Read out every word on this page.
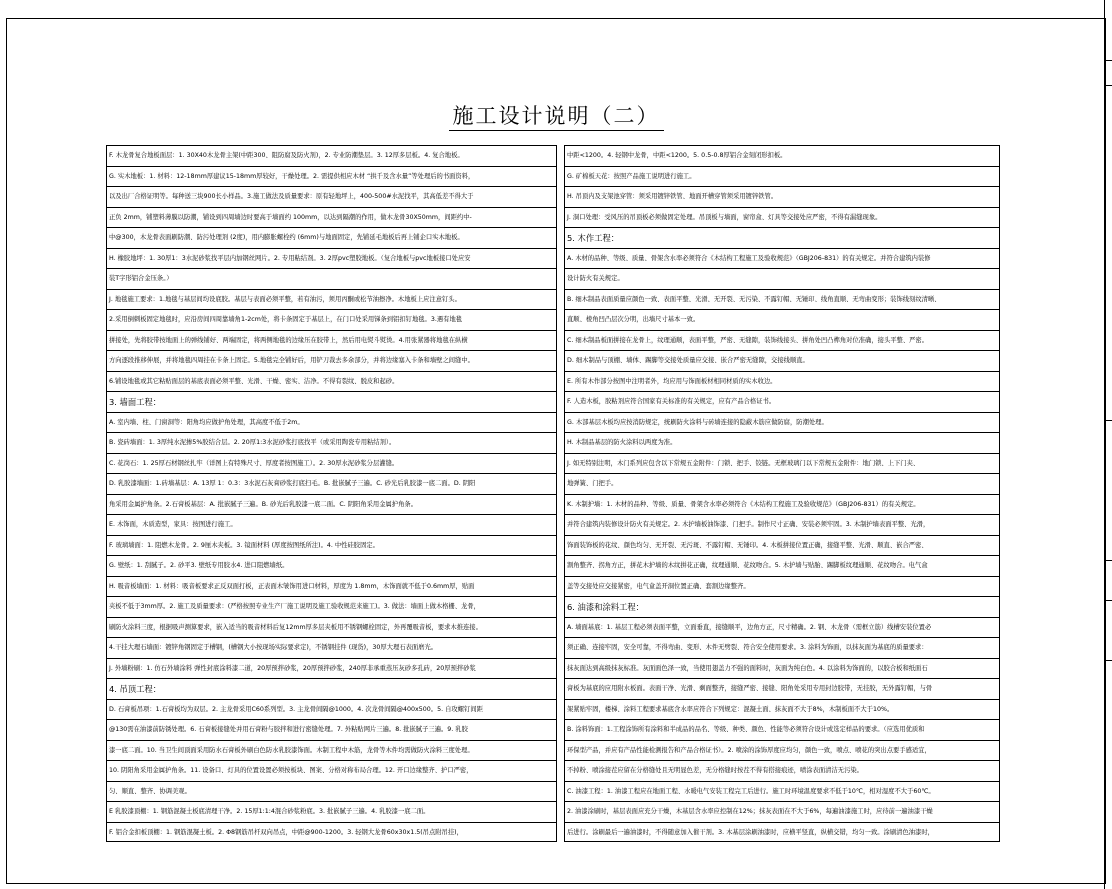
施工设计说明（二）
F. 木龙骨复合地板面层：1. 30X40木龙骨主架(中距300、阻防腐及防火剂)，2. 专业防潮垫层。3. 12厚多层板。4. 复合地板。
G. 实木地板：1. 材料：12-18mm厚建议15-18mm厚较好，干燥处理。2. 需提供相应木材 “拱千及含水量”等处理后的书面资料，
以及出厂合格证明等。每种送三块900长小样品。3.施工做法及质量要求：原有轻地坪上，400-500#水泥找平，其高低差不得大于
正负 2mm，铺塑料薄膜以防潮，铺设到四周墙边时要高于墙面约 100mm，以达到隔潮的作用，做木龙骨30X50mm，间距约中-
中@300，木龙骨表面刷防潮、防污处理剂 (2度)，用内膨胀螺栓约 (6mm)与地面固定，先铺延毛地板后再上铺企口实木地板。
H. 橡胶地坪：1. 30厚1：3水泥砂浆找平层内加钢丝网片。2. 专用粘结剂。3. 2厚pvc塑胶地板。（复合地板与pvc地板接口处应安
装T字形铝合金压条。）
J. 地毯施工要求：1.地毯与基层间均设底胶。基层与表面必须平整，若有油污，须用丙酮或松节油擦净。木地板上应注意钉头。
2.采用倒刺板固定地毯时，应沿房间四周靠墙角1-2cm处，将卡条固定于基层上，在门口处采用锑条到铝扣钉地毯。3.遇有地毯
拼接处，先将胶带按地面上的弹线铺好、两端固定，将两侧地毯的边缘压在胶带上，然后用电熨斗熨烫。4.用张紧器将地毯在纵横
方向逐段推移伸展，并将地毯四周挂在卡条上固定。5.地毯完全铺好后，用铲刀裁去多余部分，并将边缘塞入卡条和墙壁之间缝中。
6.铺设地毯或其它粘贴面层的基底表面必须平整、光滑、干燥、密实、洁净。不得有裂纹、脱皮和起砂。
3. 墙面工程：
A. 室内墙、柱、门窗洞等：阳角均应做护角处理，其高度不低于2m。
B. 瓷砖墙面：1. 3厚纯水泥掺5%胶结合层。2. 20厚1:3水泥砂浆打底找平（或采用陶瓷专用粘结剂）。
C. 花岗石：1. 25厚石材钢丝扎牢（详图上有特殊尺寸、厚度者按图施工）。2. 30厚水泥砂浆分层灌缝。
D. 乳胶漆墙面：1.砖墙基层：A. 13厚 1：0.3：3水泥石灰膏砂浆打底扫毛。B. 批嵌腻子三遍。C. 砂光后乳胶漆一底二面。D. 阴阳
角采用金属护角条。2.石膏板基层：A. 批嵌腻子三遍。B. 砂光后乳胶漆一底二面。C. 阴阳角采用金属护角条。
E. 木饰面，木质造型，家具：按图进行施工。
F. 玻璃墙面：1. 阻燃木龙骨。2. 9厘木夹板。3. 镜面材料 (厚度按图纸所注)。4. 中性硅胶固定。
G. 壁纸：1. 刮腻子。2. 砂平3. 壁纸专用胶水4. 进口阻燃墙纸。
H. 吸音板墙面：1. 材料：吸音板要求正反双面打板，正表面木皱饰用进口材料，厚度为 1.8mm，木饰面就不低于0.6mm厚，贴面
夹板不低于3mm厚。2. 施工及质量要求：(严格按照专业生产厂施工说明及施工验收规范来施工)。3. 做法：墙面上做木格栅、龙骨，
刷防火涂料三度，根据吸声测算要求，嵌入适当的吸音材料后复12mm厚多层夹板用不锈钢螺栓固定，外再覆吸音板，要求木推连接。
4.干挂大理石墙面：镀锌角钢固定于槽钢，(槽钢大小按现场实际要求定)，不锈钢挂件 (现货)，30厚大理石表面磨光。
J. 外墙粉刷：1. 仿石外墙涂料 弹性封底涂料漆二道，20厚预拌砂浆，20厚预拌砂浆，240厚非承重蒸压灰砂多孔砖，20厚预拌砂浆
4. 吊顶工程：
D. 石膏板吊项：1.石膏板均为双层。2. 主龙骨采用C60系列型。3. 主龙骨间隔@1000。4. 次龙骨间隔@400x500。5. 自攻螺钉间距
@130需在油漆前防锈处理。6. 石膏板接缝处并用石膏粉与胶拌和进行密缝处理。7. 外粘贴网片三遍。8. 批嵌腻子三遍。9. 乳胶
漆一底二面。10. 当卫生间顶面采用防水石膏板外刷白色防水乳胶漆饰面。木制工程中木筋，龙骨等木件均需做防火涂料三度处理。
10. 阴阳角采用金属护角条。11. 设备口、灯具的位置设置必须按板块、图案、分格对称布局合理。12. 开口边缘整齐、护口严密，
匀、顺直、整齐、协调美观。
E 乳胶漆顶棚：1. 钢筋混凝土板底清理干净。2. 15厚1:1:4混合砂浆粉底。3. 批嵌腻子三遍。4. 乳胶漆一底二面。
F. 铝合金扣板顶棚：1. 钢筋混凝土板。2. Φ8钢筋吊杆双向吊点，中距@900-1200。3. 轻钢大龙骨60x30x1.5(吊点附吊挂)，
中距<1200。4. 轻钢中龙骨，中距<1200。5. 0.5-0.8厚铝合金刻闭形扣板。
G. 矿棉板天花：按照产品施工说明进行施工。
H. 吊顶内及支架池穿管：须采用镀锌铁管、地面开槽穿管须采用镀锌铁管。
J. 洞口处理：受风压的吊顶板必须做固定处理。吊顶板与墙面，窗帘盒、灯具等交接处应严密，不得有漏缝现象。
5. 木作工程：
A. 木材的品种、等级、质量、骨架含水率必须符合《木结构工程施工及验收规范》（GBJ206-831）的有关规定。并符合建筑内装修
设计防火有关规定。
B. 细木制品表面质量应颜色一致、表面平整、光滑、无开裂、无污染、不露钉帽、无锤印、线角直顺、无弯曲变形；装饰线刻纹清晰、
直顺、棱角凹凸层次分明，出墙尺寸基本一致。
C. 细木制品板面拼接在龙骨上，纹理通顺，表面平整，严密、无缝隙，装饰线接头、拼角处凹凸榫角对位准确，接头平整、严密。
D. 细木制品与顶棚、墙体、踢脚等交接处质量应交接、嵌合严密无缝隙，交接线顺直。
E. 所有木作部分按图中注明者外，均应用与饰面板材相同材质的实木收边。
F. 人造木板，胶粘剂应符合国家有关标准的有关规定，应有产品合格证书。
G. 木部基层木板均应按消防规定，统刷防火涂料与砖墙连接的隐蔽木筋应做防腐，防潮处理。
H. 木制品基层的防火涂料以两度为准。
J. 如无特别注明，木门系列应包含以下常规五金附件：门锁、把手、铰链。无框玻璃门以下常规五金附件：地门锁、上下门夹、
地弹簧、门把手。
K. 木制护墙：1. 木材的品种、等级、质量、骨架含水率必须符合《木结构工程施工及验收规范》（GBJ206-831）的有关规定。
并符合建筑内装修设计防火有关规定。2. 木护墙板油饰漆、门把手。制作尺寸正确、安装必须牢固。3. 木制护墙表面平整、光滑，
饰面装饰板的花纹、颜色均匀、无开裂、无污斑、不露钉帽、无锤印。4. 木板拼接位置正确，接缝平整、光滑、顺直、嵌合严密、
割角整齐、拐角方正，拼花木护墙的木纹拼花正确，纹理通顺、花纹吻合。5. 木护墙与贴胎、踢脚板纹理通顺、花纹吻合。电气盒
盖等交接处应交接紧密，电气盒盖开洞位置正确、套割边缘整齐。
6. 油漆和涂料工程：
A. 墙面基底：1. 基层工程必须表面平整，立面垂直，接缝顺平，边角方正，尺寸精确。2. 钢、木龙骨（需框立筋）线槽安装位置必
须正确、连接牢固，安全可靠，不得弯曲、变形、木件无劈裂、符合安全使用要求。3. 涂料为饰面，以抹灰面为基底的质量要求：
抹灰面达到高级抹灰标准。灰面面色泽一致，当使用翅盖力不强的面料时，灰面为纯白色。4. 以涂料为饰面的，以胶合板和纸面石
膏板为基底的应用附水板面。表面干净、光滑、剩面整齐，接缝严密、接缝、阳角处采用专用封边胶带，无挂胶，无外露钉帽，与骨
架紧贴牢固，楼梯、涂料工程要求基底含水率应符合下列规定：混凝土面、抹灰面不大于8%，木制板面不大于10%。
B. 涂料饰面：1.工程涂饰所有涂料和半成品的品名、等级、种类、颜色、性能等必须符合设计或选定样品的要求。（应选用优质和
环保型产品，并应有产品性能检测报告和产品合格证书）。2. 喷涂的涂饰厚度应均匀，颜色一致，喷点、喷花的突出点要手感适宜，
不掉粉、喷涂接茬应留在分格缝处且无明显色差，无分格缝时按茬不得有搭接痕迹，喷涂表面清洁无污染。
C. 油漆工程：1. 油漆工程应在地面工程、水暖电气安装工程完工后进行。施工时环境温度要求不低于10℃，相对湿度不大于60℃。
2. 油漆涂刷时，基层表面应充分干燥，木基层含水率应控制在12%；抹灰表面在不大于6%，每遍油漆施工时，应待前一遍油漆干燥
后进行。涂刷最后一遍油漆时，不得随意加入催干剂。3. 木基层涂刷油漆时，应横平竖直，纵横交错，均匀一致。涂刷清色油漆时，
